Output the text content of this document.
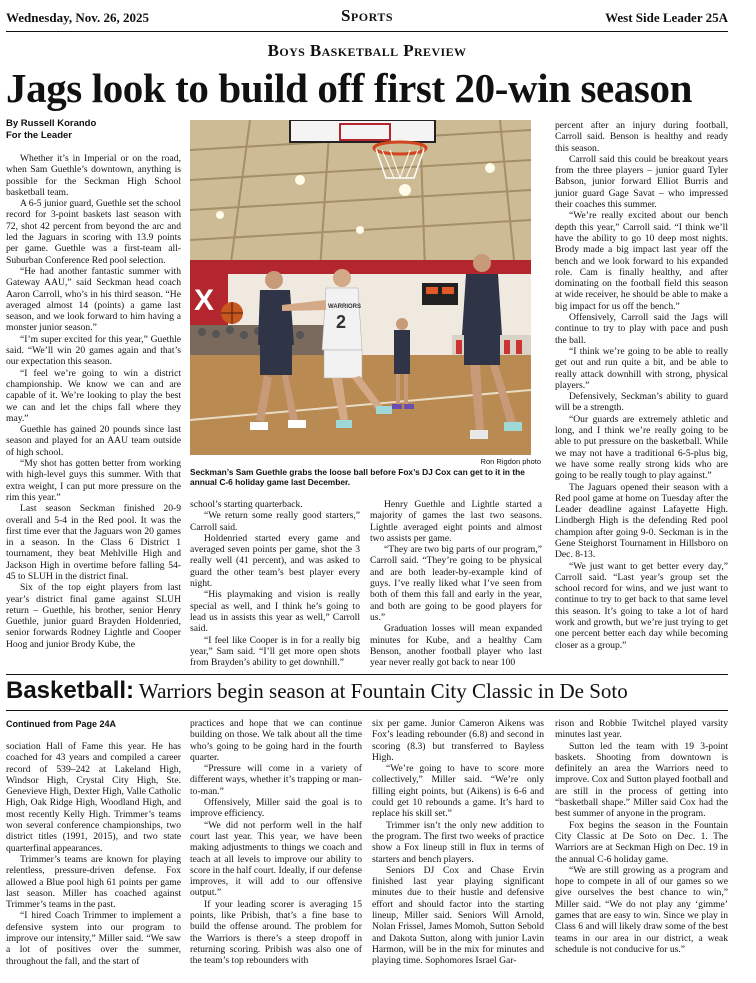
Wednesday, Nov. 26, 2025	Sports	West Side Leader 25A
Boys Basketball Preview
Jags look to build off first 20-win season
By Russell Korando
For the Leader

Whether it’s in Imperial or on the road, when Sam Guethle’s downtown, anything is possible for the Seckman High School basketball team.

A 6-5 junior guard, Guethle set the school record for 3-point baskets last season with 72, shot 42 percent from beyond the arc and led the Jaguars in scoring with 13.9 points per game. Guethle was a first-team all-Suburban Conference Red pool selection.

“He had another fantastic summer with Gateway AAU,” said Seckman head coach Aaron Carroll, who’s in his third season. “He averaged almost 14 (points) a game last season, and we look forward to him having a monster junior season.”

“I’m super excited for this year,” Guethle said. “We’ll win 20 games again and that’s our expectation this season.

“I feel we’re going to win a district championship. We know we can and are capable of it. We’re looking to play the best we can and let the chips fall where they may.”

Guethle has gained 20 pounds since last season and played for an AAU team outside of high school.

“My shot has gotten better from working with high-level guys this summer. With that extra weight, I can put more pressure on the rim this year.”

Last season Seckman finished 20-9 overall and 5-4 in the Red pool. It was the first time ever that the Jaguars won 20 games in a season. In the Class 6 District 1 tournament, they beat Mehlville High and Jackson High in overtime before falling 54-45 to SLUH in the district final.

Six of the top eight players from last year’s district final game against SLUH return – Guethle, his brother, senior Henry Guethle, junior guard Brayden Holdenried, senior forwards Rodney Lightle and Cooper Hoog and junior Brody Kube, the

X	WARRIORS
2
Ron Rigdon photo
Seckman’s Sam Guethle grabs the loose ball before Fox’s DJ Cox can get to it in the annual C-6 holiday game last December.

school’s starting quarterback.

“We return some really good starters,” Carroll said.

Holdenried started every game and averaged seven points per game, shot the 3 really well (41 percent), and was asked to guard the other team’s best player every night.

“His playmaking and vision is really special as well, and I think he’s going to lead us in assists this year as well,” Carroll said.

“I feel like Cooper is in for a really big year,” Sam said. “I’ll get more open shots from Brayden’s ability to get downhill.”

Henry Guethle and Lightle started a majority of games the last two seasons. Lightle averaged eight points and almost two assists per game.

“They are two big parts of our program,” Carroll said. “They’re going to be physical and are both leader-by-example kind of guys. I’ve really liked what I’ve seen from both of them this fall and early in the year, and both are going to be good players for us.”

Graduation losses will mean expanded minutes for Kube, and a healthy Cam Benson, another football player who last year never really got back to near 100

percent after an injury during football, Carroll said. Benson is healthy and ready this season.

Carroll said this could be breakout years from the three players – junior guard Tyler Babson, junior forward Elliot Burris and junior guard Gage Savat – who impressed their coaches this summer.

“We’re really excited about our bench depth this year,” Carroll said. “I think we’ll have the ability to go 10 deep most nights. Brody made a big impact last year off the bench and we look forward to his expanded role. Cam is finally healthy, and after dominating on the football field this season at wide receiver, he should be able to make a big impact for us off the bench.”

Offensively, Carroll said the Jags will continue to try to play with pace and push the ball.

“I think we’re going to be able to really get out and run quite a bit, and be able to really attack downhill with strong, physical players.”

Defensively, Seckman’s ability to guard will be a strength.

“Our guards are extremely athletic and long, and I think we’re really going to be able to put pressure on the basketball. While we may not have a traditional 6-5-plus big, we have some really strong kids who are going to be really tough to play against.”

The Jaguars opened their season with a Red pool game at home on Tuesday after the Leader deadline against Lafayette High. Lindbergh High is the defending Red pool champion after going 9-0. Seckman is in the Gene Steighorst Tournament in Hillsboro on Dec. 8-13.

“We just want to get better every day,” Carroll said. “Last year’s group set the school record for wins, and we just want to continue to try to get back to that same level this season. It’s going to take a lot of hard work and growth, but we’re just trying to get one percent better each day while becoming closer as a group.”

Basketball: Warriors begin season at Fountain City Classic in De Soto
Continued from Page 24A

sociation Hall of Fame this year. He has coached for 43 years and compiled a career record of 539–242 at Lakeland High, Windsor High, Crystal City High, Ste. Genevieve High, Dexter High, Valle Catholic High, Oak Ridge High, Woodland High, and most recently Kelly High. Trimmer’s teams won several conference championships, two district titles (1991, 2015), and two state quarterfinal appearances.

Trimmer’s teams are known for playing relentless, pressure-driven defense. Fox allowed a Blue pool high 61 points per game last season. Miller has coached against Trimmer’s teams in the past.

“I hired Coach Trimmer to implement a defensive system into our program to improve our intensity,” Miller said. “We saw a lot of positives over the summer, throughout the fall, and the start of

practices and hope that we can continue building on those. We talk about all the time who’s going to be going hard in the fourth quarter.

“Pressure will come in a variety of different ways, whether it’s trapping or man-to-man.”

Offensively, Miller said the goal is to improve efficiency.

“We did not perform well in the half court last year. This year, we have been making adjustments to things we coach and teach at all levels to improve our ability to score in the half court. Ideally, if our defense improves, it will add to our offensive output.”

If your leading scorer is averaging 15 points, like Pribish, that’s a fine base to build the offense around. The problem for the Warriors is there’s a steep dropoff in returning scoring. Pribish was also one of the team’s top rebounders with

six per game. Junior Cameron Aikens was Fox’s leading rebounder (6.8) and second in scoring (8.3) but transferred to Bayless High.

“We’re going to have to score more collectively,” Miller said. “We’re only filling eight points, but (Aikens) is 6-6 and could get 10 rebounds a game. It’s hard to replace his skill set.”

Trimmer isn’t the only new addition to the program. The first two weeks of practice show a Fox lineup still in flux in terms of starters and bench players.

Seniors DJ Cox and Chase Ervin finished last year playing significant minutes due to their hustle and defensive effort and should factor into the starting lineup, Miller said. Seniors Will Arnold, Nolan Frissel, James Momoh, Sutton Sebold and Dakota Sutton, along with junior Lavin Harmon, will be in the mix for minutes and playing time. Sophomores Israel Gar-

rison and Robbie Twitchel played varsity minutes last year.

Sutton led the team with 19 3-point baskets. Shooting from downtown is definitely an area the Warriors need to improve. Cox and Sutton played football and are still in the process of getting into “basketball shape.” Miller said Cox had the best summer of anyone in the program.

Fox begins the season in the Fountain City Classic at De Soto on Dec. 1. The Warriors are at Seckman High on Dec. 19 in the annual C-6 holiday game.

“We are still growing as a program and hope to compete in all of our games so we give ourselves the best chance to win,” Miller said. “We do not play any ‘gimme’ games that are easy to win. Since we play in Class 6 and will likely draw some of the best teams in our area in our district, a weak schedule is not conducive for us.”
